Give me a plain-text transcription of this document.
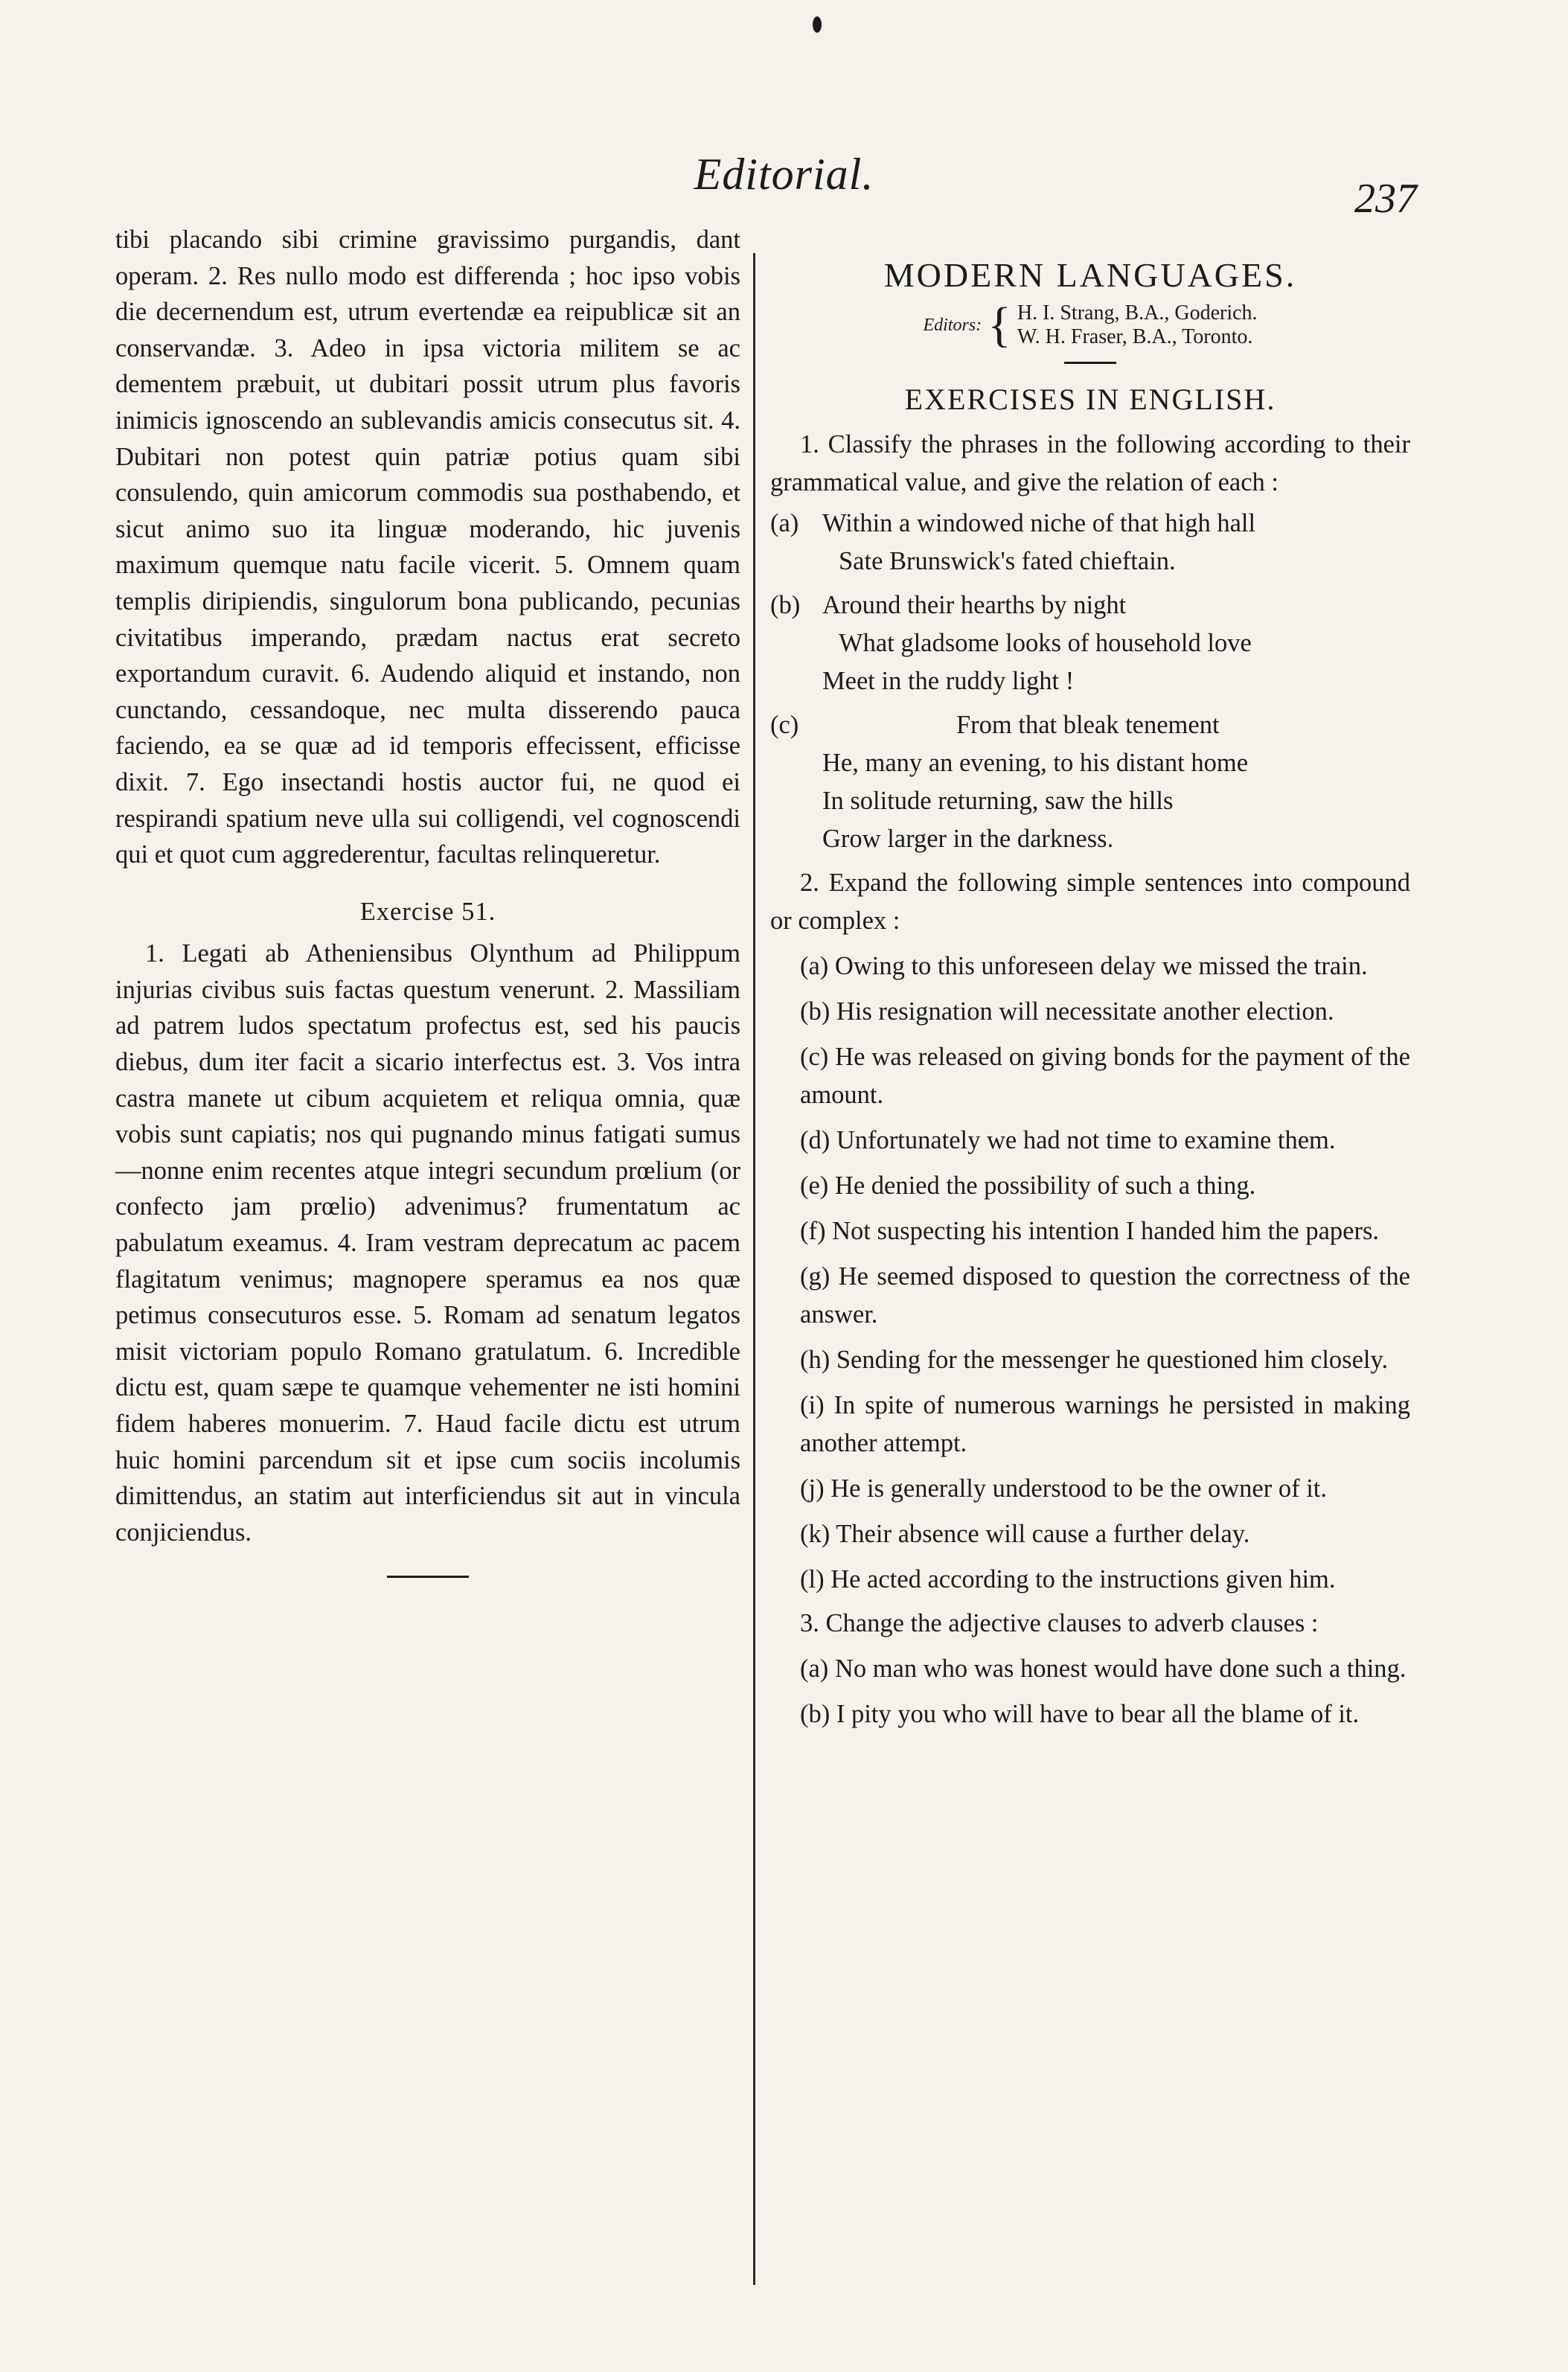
Editorial.	237

tibi placando sibi crimine gravissimo purgandis, dant operam. 2. Res nullo modo est differenda ; hoc ipso vobis die decernendum est, utrum evertendæ ea reipublicæ sit an conservandæ. 3. Adeo in ipsa victoria militem se ac dementem præbuit, ut dubitari possit utrum plus favoris inimicis ignoscendo an sublevandis amicis consecutus sit. 4. Dubitari non potest quin patriæ potius quam sibi consulendo, quin amicorum commodis sua posthabendo, et sicut animo suo ita linguæ moderando, hic juvenis maximum quemque natu facile vicerit. 5. Omnem quam templis diripiendis, singulorum bona publicando, pecunias civitatibus imperando, prædam nactus erat secreto exportandum curavit. 6. Audendo aliquid et instando, non cunctando, cessandoque, nec multa disserendo pauca faciendo, ea se quæ ad id temporis effecissent, efficisse dixit. 7. Ego insectandi hostis auctor fui, ne quod ei respirandi spatium neve ulla sui colligendi, vel cognoscendi qui et quot cum aggrederentur, facultas relinqueretur.

Exercise 51.

1. Legati ab Atheniensibus Olynthum ad Philippum injurias civibus suis factas questum venerunt. 2. Massiliam ad patrem ludos spectatum profectus est, sed his paucis diebus, dum iter facit a sicario interfectus est. 3. Vos intra castra manete ut cibum acquietem et reliqua omnia, quæ vobis sunt capiatis; nos qui pugnando minus fatigati sumus—nonne enim recentes atque integri secundum prœlium (or confecto jam prœlio) advenimus? frumentatum ac pabulatum exeamus. 4. Iram vestram deprecatum ac pacem flagitatum venimus; magnopere speramus ea nos quæ petimus consecuturos esse. 5. Romam ad senatum legatos misit victoriam populo Romano gratulatum. 6. Incredible dictu est, quam sæpe te quamque vehementer ne isti homini fidem haberes monuerim. 7. Haud facile dictu est utrum huic homini parcendum sit et ipse cum sociis incolumis dimittendus, an statim aut interficiendus sit aut in vincula conjiciendus.

MODERN LANGUAGES.
Editors: { H. I. Strang, B.A., Goderich.
W. H. Fraser, B.A., Toronto.
EXERCISES IN ENGLISH.

1. Classify the phrases in the following according to their grammatical value, and give the relation of each :

(a) Within a windowed niche of that high hall
Sate Brunswick's fated chieftain.
(b) Around their hearths by night
What gladsome looks of household love
Meet in the ruddy light !
(c)	From that bleak tenement
He, many an evening, to his distant home
In solitude returning, saw the hills
Grow larger in the darkness.

2. Expand the following simple sentences into compound or complex :

(a) Owing to this unforeseen delay we missed the train.

(b) His resignation will necessitate another election.

(c) He was released on giving bonds for the payment of the amount.

(d) Unfortunately we had not time to examine them.

(e) He denied the possibility of such a thing.

(f) Not suspecting his intention I handed him the papers.

(g) He seemed disposed to question the correctness of the answer.

(h) Sending for the messenger he questioned him closely.

(i) In spite of numerous warnings he persisted in making another attempt.

(j) He is generally understood to be the owner of it.

(k) Their absence will cause a further delay.

(l) He acted according to the instructions given him.

3. Change the adjective clauses to adverb clauses :

(a) No man who was honest would have done such a thing.

(b) I pity you who will have to bear all the blame of it.
